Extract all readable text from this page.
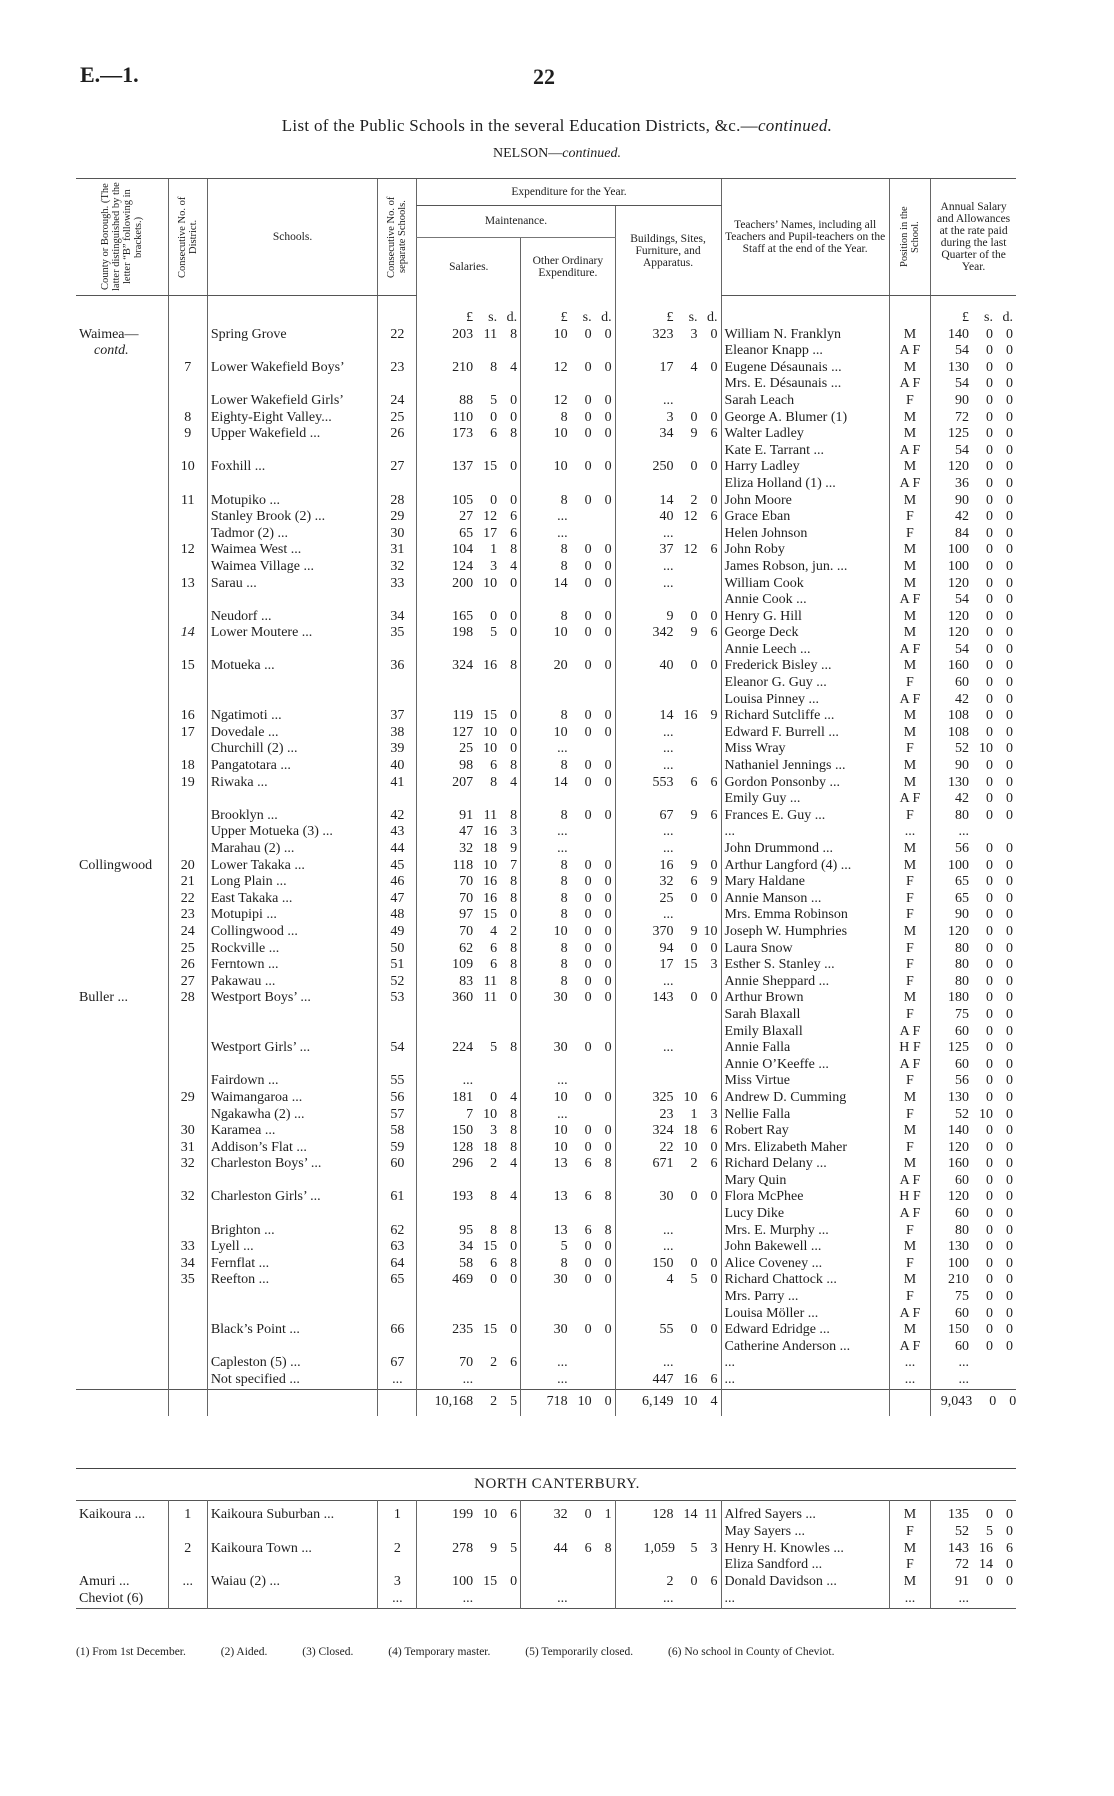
E.—1.	22
List of the Public Schools in the several Education Districts, &c.—continued.
NELSON—continued.
County or Borough. (The latter distinguished by the letter “B” following in brackets.)	Consecutive No. of District.	Schools.	Consecutive No. of separate Schools.	Expenditure for the Year.			Teachers’ Names, including all Teachers and Pupil-teachers on the Staff at the end of the Year.	Position in the School.	Annual Salary and Allowances at the rate paid during the last Quarter of the Year.
				Maintenance.		Buildings, Sites, Furniture, and Apparatus.			
				Salaries.	Other Ordinary Expenditure.				

				£ s. d.	£ s. d.	£ s. d.			£ s. d.
Waimea—		Spring Grove	22	203 11 8	10 0 0	323 3 0	William N. Franklyn	M	140 0 0
contd.							Eleanor Knapp ...	A F	54 0 0
	7	Lower Wakefield Boys’	23	210 8 4	12 0 0	17 4 0	Eugene Désaunais ...	M	130 0 0
							Mrs. E. Désaunais ...	A F	54 0 0
		Lower Wakefield Girls’	24	88 5 0	12 0 0	...	Sarah Leach	F	90 0 0
	8	Eighty-Eight Valley...	25	110 0 0	8 0 0	3 0 0	George A. Blumer (1)	M	72 0 0
	9	Upper Wakefield ...	26	173 6 8	10 0 0	34 9 6	Walter Ladley	M	125 0 0
							Kate E. Tarrant ...	A F	54 0 0
	10	Foxhill ...	27	137 15 0	10 0 0	250 0 0	Harry Ladley	M	120 0 0
							Eliza Holland (1) ...	A F	36 0 0
	11	Motupiko ...	28	105 0 0	8 0 0	14 2 0	John Moore	M	90 0 0
		Stanley Brook (2) ...	29	27 12 6	...	40 12 6	Grace Eban	F	42 0 0
		Tadmor (2) ...	30	65 17 6	...	...	Helen Johnson	F	84 0 0
	12	Waimea West ...	31	104 1 8	8 0 0	37 12 6	John Roby	M	100 0 0
		Waimea Village ...	32	124 3 4	8 0 0	...	James Robson, jun. ...	M	100 0 0
	13	Sarau ...	33	200 10 0	14 0 0	...	William Cook	M	120 0 0
							Annie Cook ...	A F	54 0 0
		Neudorf ...	34	165 0 0	8 0 0	9 0 0	Henry G. Hill	M	120 0 0
	14	Lower Moutere ...	35	198 5 0	10 0 0	342 9 6	George Deck	M	120 0 0
							Annie Leech ...	A F	54 0 0
	15	Motueka ...	36	324 16 8	20 0 0	40 0 0	Frederick Bisley ...	M	160 0 0
							Eleanor G. Guy ...	F	60 0 0
							Louisa Pinney ...	A F	42 0 0
	16	Ngatimoti ...	37	119 15 0	8 0 0	14 16 9	Richard Sutcliffe ...	M	108 0 0
	17	Dovedale ...	38	127 10 0	10 0 0	...	Edward F. Burrell ...	M	108 0 0
		Churchill (2) ...	39	25 10 0	...	...	Miss Wray	F	52 10 0
	18	Pangatotara ...	40	98 6 8	8 0 0	...	Nathaniel Jennings ...	M	90 0 0
	19	Riwaka ...	41	207 8 4	14 0 0	553 6 6	Gordon Ponsonby ...	M	130 0 0
							Emily Guy ...	A F	42 0 0
		Brooklyn ...	42	91 11 8	8 0 0	67 9 6	Frances E. Guy ...	F	80 0 0
		Upper Motueka (3) ...	43	47 16 3	...	...	...	...	...
		Marahau (2) ...	44	32 18 9	...	...	John Drummond ...	M	56 0 0
Collingwood	20	Lower Takaka ...	45	118 10 7	8 0 0	16 9 0	Arthur Langford (4) ...	M	100 0 0
	21	Long Plain ...	46	70 16 8	8 0 0	32 6 9	Mary Haldane	F	65 0 0
	22	East Takaka ...	47	70 16 8	8 0 0	25 0 0	Annie Manson ...	F	65 0 0
	23	Motupipi ...	48	97 15 0	8 0 0	...	Mrs. Emma Robinson	F	90 0 0
	24	Collingwood ...	49	70 4 2	10 0 0	370 9 10	Joseph W. Humphries	M	120 0 0
	25	Rockville ...	50	62 6 8	8 0 0	94 0 0	Laura Snow	F	80 0 0
	26	Ferntown ...	51	109 6 8	8 0 0	17 15 3	Esther S. Stanley ...	F	80 0 0
	27	Pakawau ...	52	83 11 8	8 0 0	...	Annie Sheppard ...	F	80 0 0
Buller ...	28	Westport Boys’ ...	53	360 11 0	30 0 0	143 0 0	Arthur Brown	M	180 0 0
							Sarah Blaxall	F	75 0 0
							Emily Blaxall	A F	60 0 0
		Westport Girls’ ...	54	224 5 8	30 0 0	...	Annie Falla	H F	125 0 0
							Annie O’Keeffe ...	A F	60 0 0
		Fairdown ...	55	...	...		Miss Virtue	F	56 0 0
	29	Waimangaroa ...	56	181 0 4	10 0 0	325 10 6	Andrew D. Cumming	M	130 0 0
		Ngakawha (2) ...	57	7 10 8	...	23 1 3	Nellie Falla	F	52 10 0
	30	Karamea ...	58	150 3 8	10 0 0	324 18 6	Robert Ray	M	140 0 0
	31	Addison’s Flat ...	59	128 18 8	10 0 0	22 10 0	Mrs. Elizabeth Maher	F	120 0 0
	32	Charleston Boys’ ...	60	296 2 4	13 6 8	671 2 6	Richard Delany ...	M	160 0 0
							Mary Quin	A F	60 0 0
	32	Charleston Girls’ ...	61	193 8 4	13 6 8	30 0 0	Flora McPhee	H F	120 0 0
							Lucy Dike	A F	60 0 0
		Brighton ...	62	95 8 8	13 6 8	...	Mrs. E. Murphy ...	F	80 0 0
	33	Lyell ...	63	34 15 0	5 0 0	...	John Bakewell ...	M	130 0 0
	34	Fernflat ...	64	58 6 8	8 0 0	150 0 0	Alice Coveney ...	F	100 0 0
	35	Reefton ...	65	469 0 0	30 0 0	4 5 0	Richard Chattock ...	M	210 0 0
							Mrs. Parry ...	F	75 0 0
							Louisa Möller ...	A F	60 0 0
		Black’s Point ...	66	235 15 0	30 0 0	55 0 0	Edward Edridge ...	M	150 0 0
							Catherine Anderson ...	A F	60 0 0
		Capleston (5) ...	67	70 2 6	...	...	...	...	...
		Not specified ...	...	...	...	447 16 6	...	...	...
				10,168 2 5	718 10 0	6,149 10 4			9,043 0 0
NORTH CANTERBURY.

Kaikoura ...	1	Kaikoura Suburban ...	1	199 10 6	32 0 1	128 14 11	Alfred Sayers ...	M	135 0 0
							May Sayers ...	F	52 5 0
	2	Kaikoura Town ...	2	278 9 5	44 6 8	1,059 5 3	Henry H. Knowles ...	M	143 16 6
							Eliza Sandford ...	F	72 14 0
Amuri ...	...	Waiau (2) ...	3	100 15 0		2 0 6	Donald Davidson ...	M	91 0 0
Cheviot (6)			...	...	...	...	...	...	...
(1) From 1st December.	(2) Aided.	(3) Closed.	(4) Temporary master.	(5) Temporarily closed.	(6) No school in County of Cheviot.
